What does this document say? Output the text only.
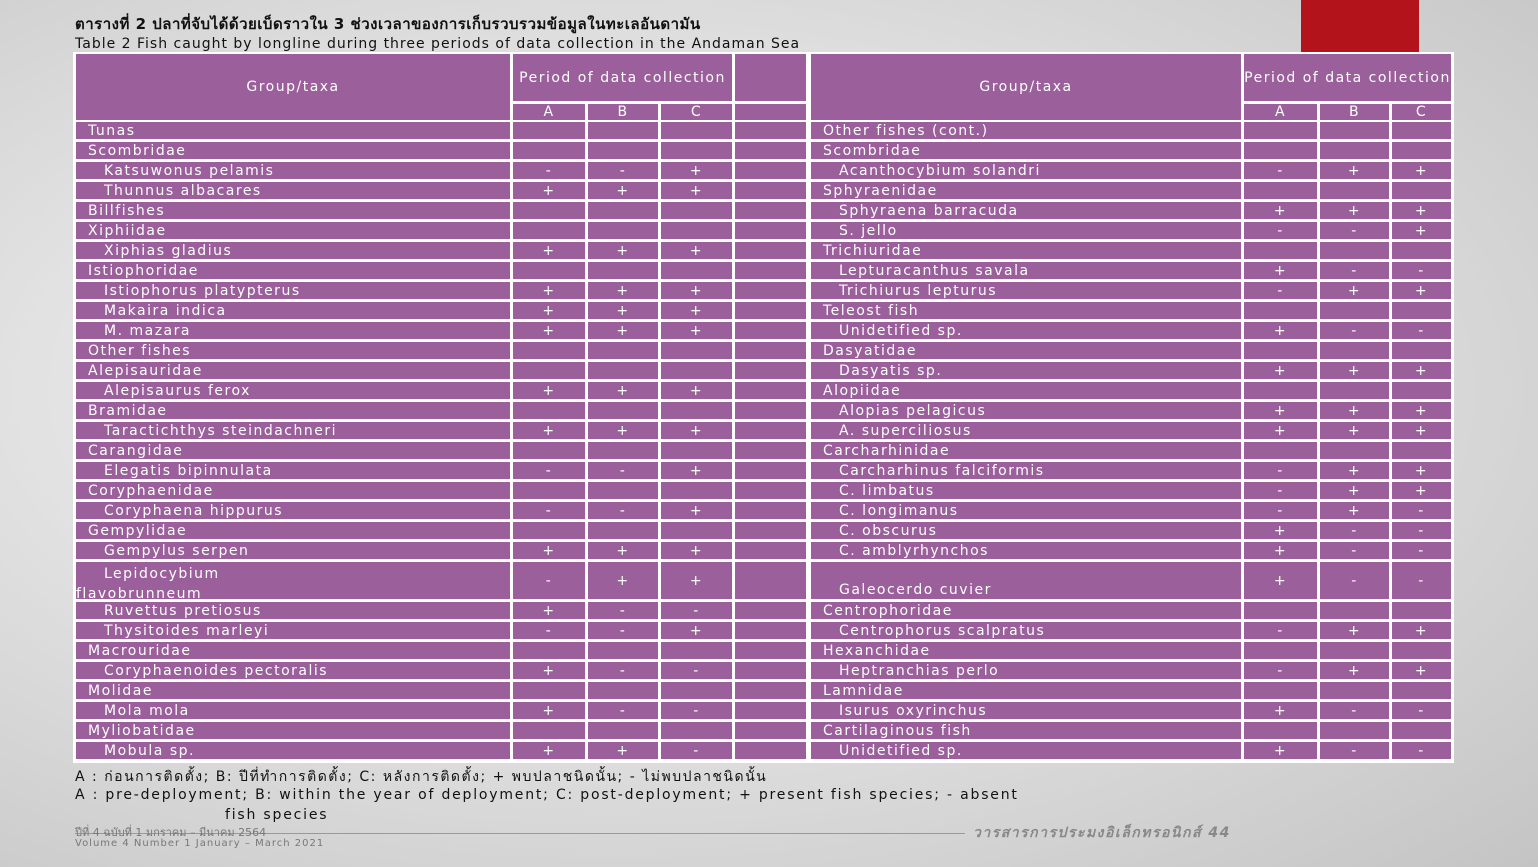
ตารางที่ 2 ปลาที่จับได้ด้วยเบ็ดราวใน 3 ช่วงเวลาของการเก็บรวบรวมข้อมูลในทะเลอันดามัน
Table 2 Fish caught by longline during three periods of data collection in the Andaman Sea
Group/taxa
Period of data collection
A	B	C
Group/taxa
Period of data collection
A	B	C
Tunas
Scombridae
Katsuwonus pelamis	-	-	+
Thunnus albacares	+	+	+
Billfishes
Xiphiidae
Xiphias gladius	+	+	+
Istiophoridae
Istiophorus platypterus	+	+	+
Makaira indica	+	+	+
M. mazara	+	+	+
Other fishes
Alepisauridae
Alepisaurus ferox	+	+	+
Bramidae
Taractichthys steindachneri	+	+	+
Carangidae
Elegatis bipinnulata	-	-	+
Coryphaenidae
Coryphaena hippurus	-	-	+
Gempylidae
Gempylus serpen	+	+	+
Lepidocybium
flavobrunneum
-	+	+
Ruvettus pretiosus	+	-	-
Thysitoides marleyi	-	-	+
Macrouridae
Coryphaenoides pectoralis	+	-	-
Molidae
Mola mola	+	-	-
Myliobatidae
Mobula sp.	+	+	-
Other fishes (cont.)
Scombridae
Acanthocybium solandri	-	+	+
Sphyraenidae
Sphyraena barracuda	+	+	+
S. jello	-	-	+
Trichiuridae
Lepturacanthus savala	+	-	-
Trichiurus lepturus	-	+	+
Teleost fish
Unidetified sp.	+	-	-
Dasyatidae
Dasyatis sp.	+	+	+
Alopiidae
Alopias pelagicus	+	+	+
A. superciliosus	+	+	+
Carcharhinidae
Carcharhinus falciformis	-	+	+
C. limbatus	-	+	+
C. longimanus	-	+	-
C. obscurus	+	-	-
C. amblyrhynchos	+	-	-
Galeocerdo cuvier
+	-	-
Centrophoridae
Centrophorus scalpratus	-	+	+
Hexanchidae
Heptranchias perlo	-	+	+
Lamnidae
Isurus oxyrinchus	+	-	-
Cartilaginous fish
Unidetified sp.	+	-	-
A : ก่อนการติดตั้ง; B: ปีที่ทำการติดตั้ง; C: หลังการติดตั้ง; + พบปลาชนิดนั้น; - ไม่พบปลาชนิดนั้น
A : pre-deployment; B: within the year of deployment; C: post-deployment; + present fish species; - absent
fish species
ปีที่ 4 ฉบับที่ 1 มกราคม – มีนาคม 2564
Volume 4 Number 1 January – March 2021
วารสารการประมงอิเล็กทรอนิกส์ 44
